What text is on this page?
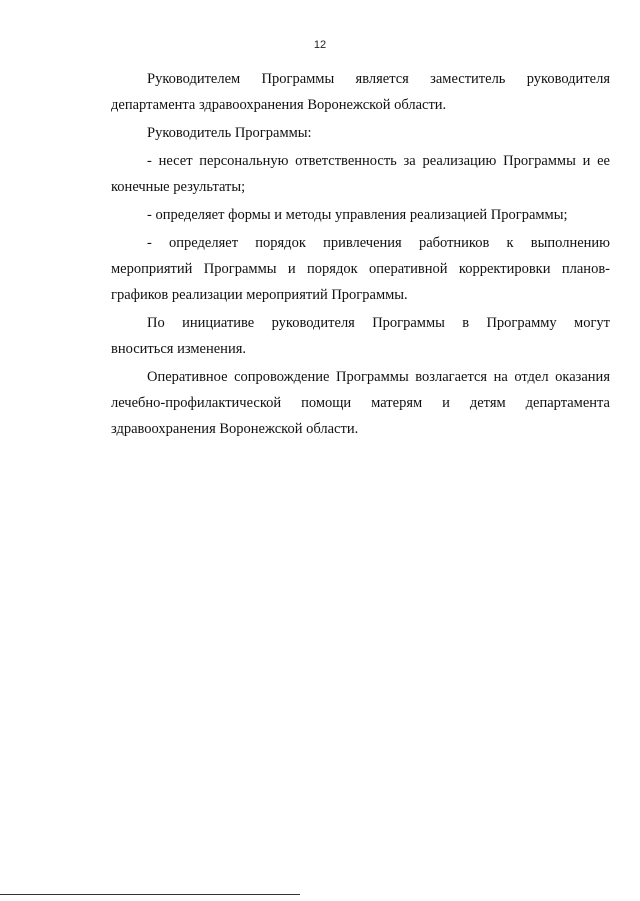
12
Руководителем Программы является заместитель руководителя
департамента здравоохранения Воронежской области.
Руководитель Программы:
- несет персональную ответственность за реализацию Программы и ее
конечные результаты;
- определяет формы и методы управления реализацией Программы;
- определяет порядок привлечения работников к выполнению
мероприятий Программы и порядок оперативной корректировки планов-
графиков реализации мероприятий Программы.
По инициативе руководителя Программы в Программу могут
вноситься изменения.
Оперативное сопровождение Программы возлагается на отдел оказания
лечебно-профилактической помощи матерям и детям департамента
здравоохранения Воронежской области.
